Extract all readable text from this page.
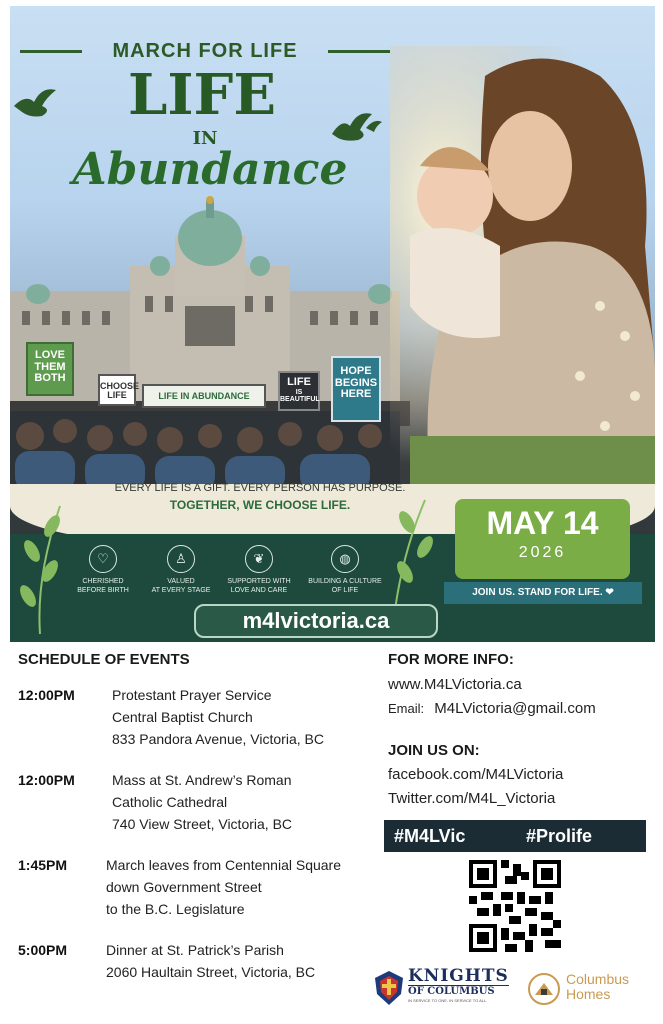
MARCH FOR LIFE
LIFE
IN
Abundance
LOVE THEM BOTH
CHOOSE LIFE	LIFE IN ABUNDANCE
LIFE
IS
BEAUTIFUL
HOPE BEGINS HERE
EVERY LIFE IS A GIFT. EVERY PERSON HAS PURPOSE.
TOGETHER, WE CHOOSE LIFE.
♡
CHERISHED
BEFORE BIRTH
♙
VALUED
AT EVERY STAGE
❦
SUPPORTED WITH
LOVE AND CARE
◍
BUILDING A CULTURE
OF LIFE
m4lvictoria.ca
MAY 14
2026
JOIN US. STAND FOR LIFE. ❤
SCHEDULE OF EVENTS
12:00PM	Protestant Prayer Service
Central Baptist Church
833 Pandora Avenue, Victoria, BC
12:00PM	Mass at St. Andrew’s Roman
Catholic Cathedral
740 View Street, Victoria, BC
1:45PM	March leaves from Centennial Square
down Government Street
to the B.C. Legislature
5:00PM	Dinner at St. Patrick’s Parish
2060 Haultain Street, Victoria, BC
FOR MORE INFO:
www.M4LVictoria.ca
Email: M4LVictoria@gmail.com
JOIN US ON:
facebook.com/M4LVictoria
Twitter.com/M4L_Victoria
#M4LVic	#Prolife
KNIGHTS
OF COLUMBUS
IN SERVICE TO ONE. IN SERVICE TO ALL.
Columbus
Homes
